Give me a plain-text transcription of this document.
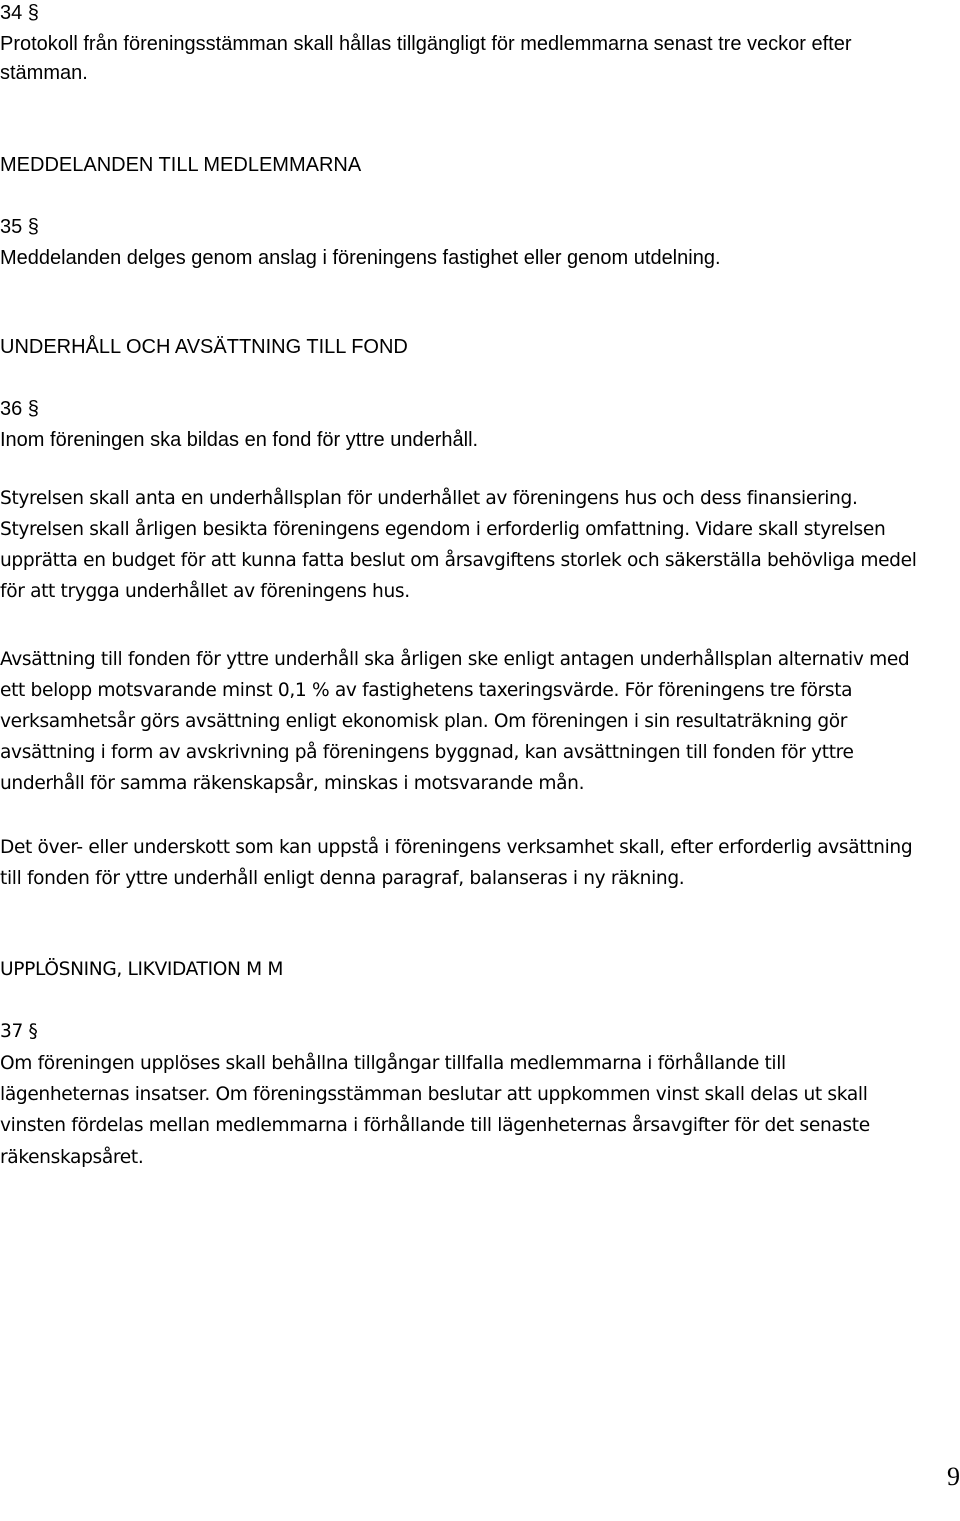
34 §
Protokoll från föreningsstämman skall hållas tillgängligt för medlemmarna senast tre veckor efter
stämman.
MEDDELANDEN TILL MEDLEMMARNA
35 §
Meddelanden delges genom anslag i föreningens fastighet eller genom utdelning.
UNDERHÅLL OCH AVSÄTTNING TILL FOND
36 §
Inom föreningen ska bildas en fond för yttre underhåll.
Styrelsen skall anta en underhållsplan för underhållet av föreningens hus och dess finansiering.
Styrelsen skall årligen besikta föreningens egendom i erforderlig omfattning. Vidare skall styrelsen
upprätta en budget för att kunna fatta beslut om årsavgiftens storlek och säkerställa behövliga medel
för att trygga underhållet av föreningens hus.
Avsättning till fonden för yttre underhåll ska årligen ske enligt antagen underhållsplan alternativ med
ett belopp motsvarande minst 0,1 % av fastighetens taxeringsvärde. För föreningens tre första
verksamhetsår görs avsättning enligt ekonomisk plan. Om föreningen i sin resultaträkning gör
avsättning i form av avskrivning på föreningens byggnad, kan avsättningen till fonden för yttre
underhåll för samma räkenskapsår, minskas i motsvarande mån.
Det över- eller underskott som kan uppstå i föreningens verksamhet skall, efter erforderlig avsättning
till fonden för yttre underhåll enligt denna paragraf, balanseras i ny räkning.
UPPLÖSNING, LIKVIDATION M M
37 §
Om föreningen upplöses skall behållna tillgångar tillfalla medlemmarna i förhållande till
lägenheternas insatser. Om föreningsstämman beslutar att uppkommen vinst skall delas ut skall
vinsten fördelas mellan medlemmarna i förhållande till lägenheternas årsavgifter för det senaste
räkenskapsåret.
9
